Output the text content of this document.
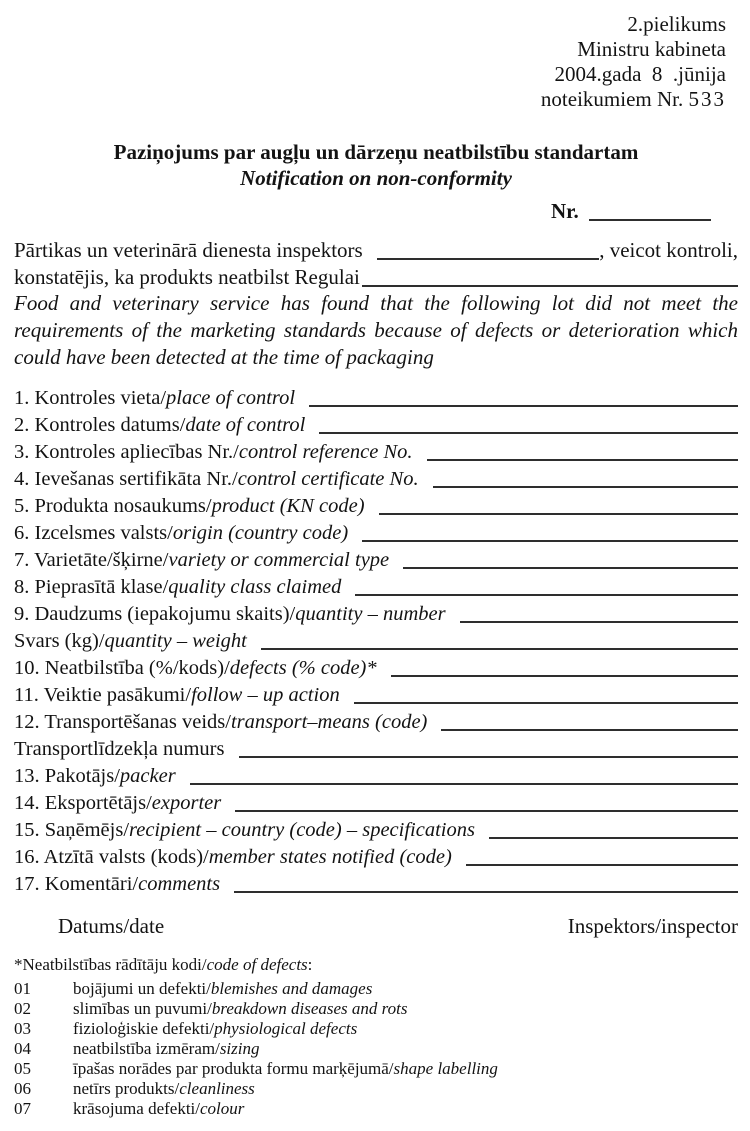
2.pielikums
Ministru kabineta
2004.gada  8  .jūnija
noteikumiem Nr. 533
Paziņojums par augļu un dārzeņu neatbilstību standartam
Notification on non-conformity
Nr.
Pārtikas un veterinārā dienesta inspektors	, veicot kontroli,
konstatējis, ka produkts neatbilst Regulai
Food and veterinary service has found that the following lot did not meet the requirements of the marketing standards because of defects or deterioration which could have been detected at the time of packaging
1. Kontroles vieta/ place of control
2. Kontroles datums/ date of control
3. Kontroles apliecības Nr./ control reference No.
4. Ievešanas sertifikāta Nr./ control certificate No.
5. Produkta nosaukums/ product (KN code)
6. Izcelsmes valsts/ origin (country code)
7. Varietāte/šķirne/ variety or commercial type
8. Pieprasītā klase/ quality class claimed
9. Daudzums (iepakojumu skaits)/ quantity – number
Svars (kg)/ quantity – weight
10. Neatbilstība (%/kods)/ defects (% code)*
11. Veiktie pasākumi/ follow – up action
12. Transportēšanas veids/ transport–means (code)
Transportlīdzekļa numurs
13. Pakotājs/ packer
14. Eksportētājs/ exporter
15. Saņēmējs/ recipient – country (code) – specifications
16. Atzītā valsts (kods)/ member states notified (code)
17. Komentāri/ comments
Datums/date	Inspektors/inspector
*Neatbilstības rādītāju kodi/code of defects:
01	bojājumi un defekti/ blemishes and damages
02	slimības un puvumi/ breakdown diseases and rots
03	fizioloģiskie defekti/ physiological defects
04	neatbilstība izmēram/ sizing
05	īpašas norādes par produkta formu marķējumā/ shape labelling
06	netīrs produkts/ cleanliness
07	krāsojuma defekti/ colour
